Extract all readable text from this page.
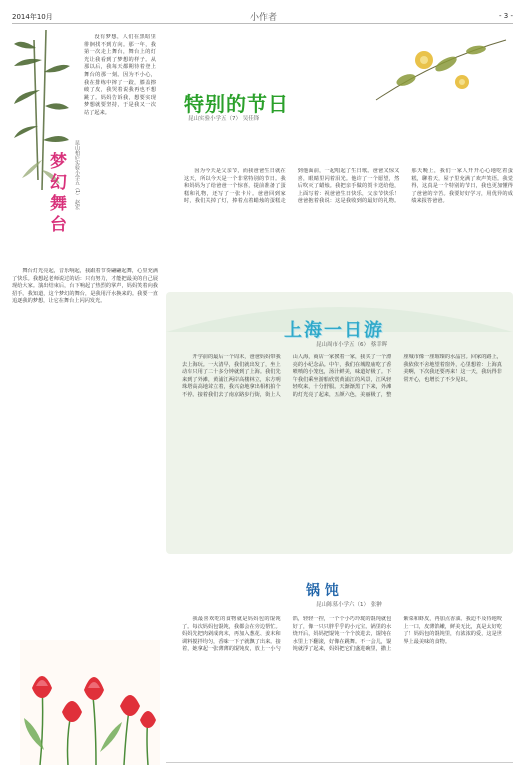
2014年10月	小作者	- 3 -
梦幻舞台	昆山柏庐实验小学五（1） 赵宏

没有梦想，人们在黑暗里徘徊找不到方向。那一年，我第一次走上舞台，舞台上的灯光让我看到了梦想的样子。从那以后，我每天都期待着登上舞台的那一刻。因为不小心，我在排练中摔了一跤，膝盖擦破了皮，我哭着说我再也不想跳了。妈妈告诉我，想要实现梦想就要坚持，于是我又一次站了起来。

舞台灯光亮起，音乐响起，我跟着节奏翩翩起舞，心里充满了快乐。我想起老师说过的话：只有努力，才能把最美的自己展现给大家。演出结束后，台下响起了热烈的掌声，妈妈笑着向我招手。我知道，这个梦幻的舞台，是我用汗水换来的。我要一直追逐我的梦想，让它在舞台上闪闪发光。

特别的节日
昆山实验小学五（7） 吴佳锋

因为今天是父亲节，而我爸爸生日就在这天，所以今天是一个非常特别的节日。我和妈妈为了给爸爸一个惊喜，提前准备了蛋糕和礼物，还写了一张卡片。爸爸回到家时，我们关掉了灯，捧着点着蜡烛的蛋糕走到他面前，一起唱起了生日歌。爸爸又惊又喜，眼睛里闪着泪光。他许了一个愿望，然后吹灭了蜡烛。我把亲手做的贺卡送给他，上面写着：祝爸爸生日快乐，父亲节快乐！爸爸抱着我说：这是我收到的最好的礼物。那天晚上，我们一家人开开心心地吃着蛋糕，聊着天，屋子里充满了欢声笑语。我觉得，这真是一个特别的节日，我也更加懂得了爸爸的辛苦。我要好好学习，用优异的成绩来报答爸爸。

上海一日游
昆山周市小学五（6） 蔡幸晖

开学前的最后一个周末，爸爸妈妈带我去上海玩。一大清早，我们就出发了，坐上动车只用了二十多分钟就到了上海。我们先来到了外滩，黄浦江两岸高楼林立，东方明珠塔高高地耸立着，我兴奋地拿出相机拍个不停。接着我们去了南京路步行街，街上人山人海，商店一家挨着一家，我买了一个漂亮的小纪念品。中午，我们在城隍庙吃了香喷喷的小笼包，汤汁鲜美，味道好极了。下午我们乘坐游船欣赏黄浦江的风景，江风轻轻吹来，十分舒服。天渐渐黑了下来，外滩的灯光亮了起来，五颜六色，美丽极了，整座城市像一座璀璨的水晶宫。回家的路上，我依依不舍地望着窗外，心里想着：上海真美啊，下次我还要再来！这一天，我玩得非常开心，也增长了不少见识。

锅 饨
昆山陈墓小学六（1） 张翀

我最喜欢吃的食物就是妈妈包的馄饨了。每次妈妈包馄饨，我都会在旁边帮忙。妈妈先把肉剁成肉末，再加入葱花、姜末和调料搅拌均匀，香味一下子就飘了出来。接着，她拿起一张薄薄的馄饨皮，放上一小勺馅，轻轻一捏，一个个小巧玲珑的馄饨就包好了，像一只只胖乎乎的小元宝。锅里的水烧开后，妈妈把馄饨一个个放进去，馄饨在水里上下翻滚，好像在跳舞。不一会儿，馄饨就浮了起来，妈妈把它们盛进碗里，撒上紫菜和虾皮，再加点香油。我迫不及待地咬上一口，皮薄馅嫩，鲜美无比，真是太好吃了！妈妈包的馄饨里，有浓浓的爱，这是世界上最美味的食物。
